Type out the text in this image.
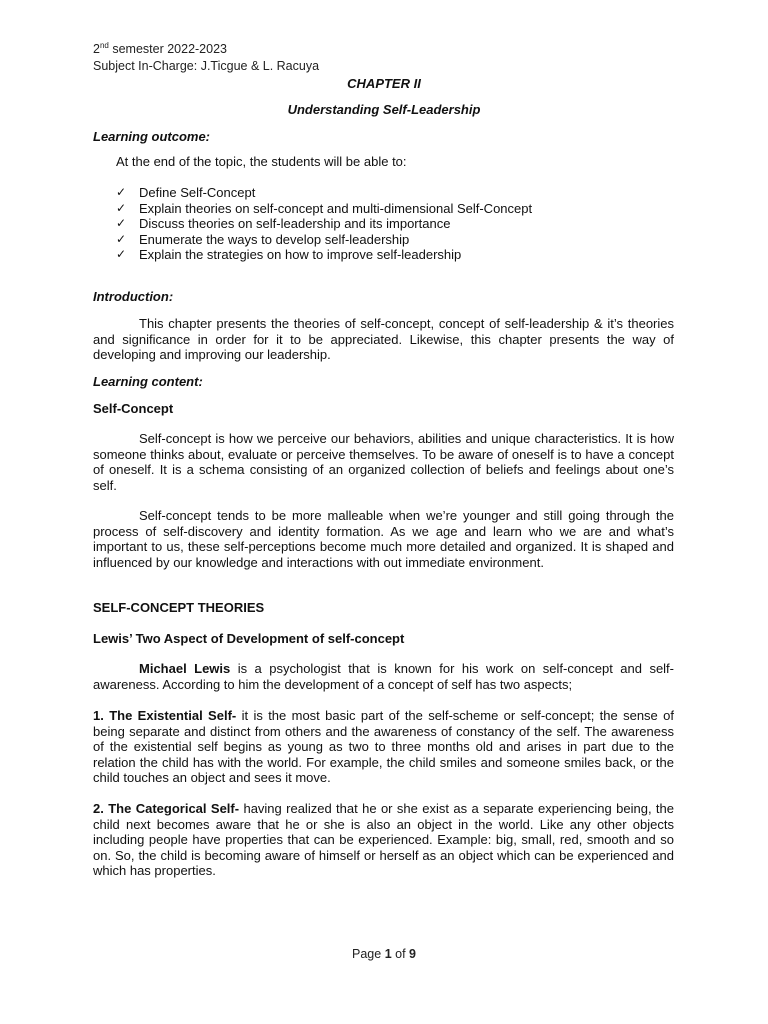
2nd semester 2022-2023
Subject In-Charge: J.Ticgue & L. Racuya
CHAPTER II
Understanding Self-Leadership
Learning outcome:
At the end of the topic, the students will be able to:
✓ Define Self-Concept
✓ Explain theories on self-concept and multi-dimensional Self-Concept
✓ Discuss theories on self-leadership and its importance
✓ Enumerate the ways to develop self-leadership
✓ Explain the strategies on how to improve self-leadership
Introduction:

This chapter presents the theories of self-concept, concept of self-leadership & it’s theories and significance in order for it to be appreciated. Likewise, this chapter presents the way of developing and improving our leadership.

Learning content:
Self-Concept

Self-concept is how we perceive our behaviors, abilities and unique characteristics. It is how someone thinks about, evaluate or perceive themselves. To be aware of oneself is to have a concept of oneself. It is a schema consisting of an organized collection of beliefs and feelings about one’s self.

Self-concept tends to be more malleable when we’re younger and still going through the process of self-discovery and identity formation. As we age and learn who we are and what’s important to us, these self-perceptions become much more detailed and organized. It is shaped and influenced by our knowledge and interactions with out immediate environment.

SELF-CONCEPT THEORIES
Lewis’ Two Aspect of Development of self-concept

Michael Lewis is a psychologist that is known for his work on self-concept and self-awareness. According to him the development of a concept of self has two aspects;

1. The Existential Self- it is the most basic part of the self-scheme or self-concept; the sense of being separate and distinct from others and the awareness of constancy of the self. The awareness of the existential self begins as young as two to three months old and arises in part due to the relation the child has with the world. For example, the child smiles and someone smiles back, or the child touches an object and sees it move.

2. The Categorical Self- having realized that he or she exist as a separate experiencing being, the child next becomes aware that he or she is also an object in the world. Like any other objects including people have properties that can be experienced. Example: big, small, red, smooth and so on. So, the child is becoming aware of himself or herself as an object which can be experienced and which has properties.

Page 1 of 9
